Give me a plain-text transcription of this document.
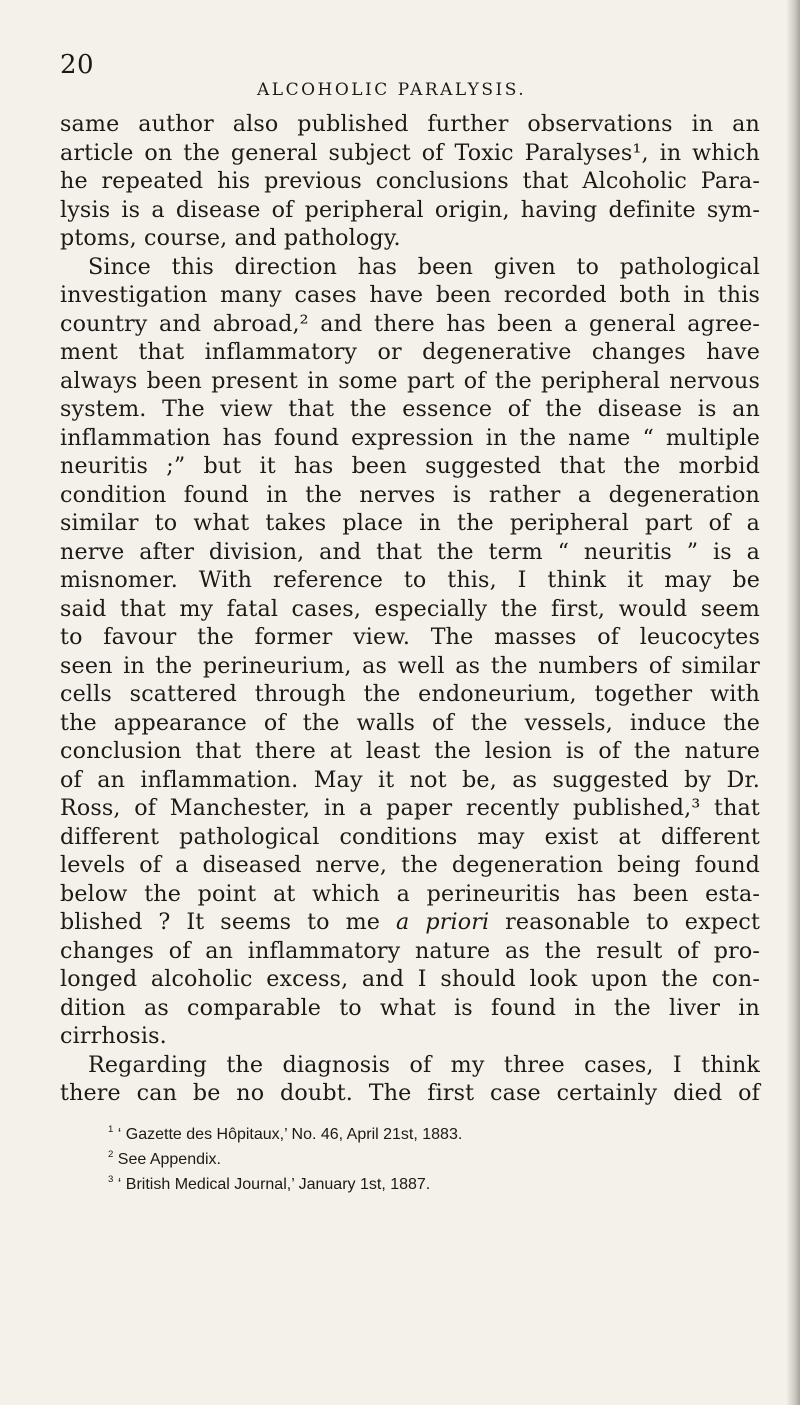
20
ALCOHOLIC PARALYSIS.
same author also published further observations in an
article on the general subject of Toxic Paralyses¹, in which
he repeated his previous conclusions that Alcoholic Para-
lysis is a disease of peripheral origin, having definite sym-
ptoms, course, and pathology.
Since this direction has been given to pathological
investigation many cases have been recorded both in this
country and abroad,² and there has been a general agree-
ment that inflammatory or degenerative changes have
always been present in some part of the peripheral nervous
system. The view that the essence of the disease is an
inflammation has found expression in the name “ multiple
neuritis ;” but it has been suggested that the morbid
condition found in the nerves is rather a degeneration
similar to what takes place in the peripheral part of a
nerve after division, and that the term “ neuritis ” is a
misnomer. With reference to this, I think it may be
said that my fatal cases, especially the first, would seem
to favour the former view. The masses of leucocytes
seen in the perineurium, as well as the numbers of similar
cells scattered through the endoneurium, together with
the appearance of the walls of the vessels, induce the
conclusion that there at least the lesion is of the nature
of an inflammation. May it not be, as suggested by Dr.
Ross, of Manchester, in a paper recently published,³ that
different pathological conditions may exist at different
levels of a diseased nerve, the degeneration being found
below the point at which a perineuritis has been esta-
blished ? It seems to me a priori reasonable to expect
changes of an inflammatory nature as the result of pro-
longed alcoholic excess, and I should look upon the con-
dition as comparable to what is found in the liver in
cirrhosis.
Regarding the diagnosis of my three cases, I think
there can be no doubt. The first case certainly died of
$^1$ ‘ Gazette des Hôpitaux,’ No. 46, April 21st, 1883.
$^2$ See Appendix.
$^3$ ‘ British Medical Journal,’ January 1st, 1887.
